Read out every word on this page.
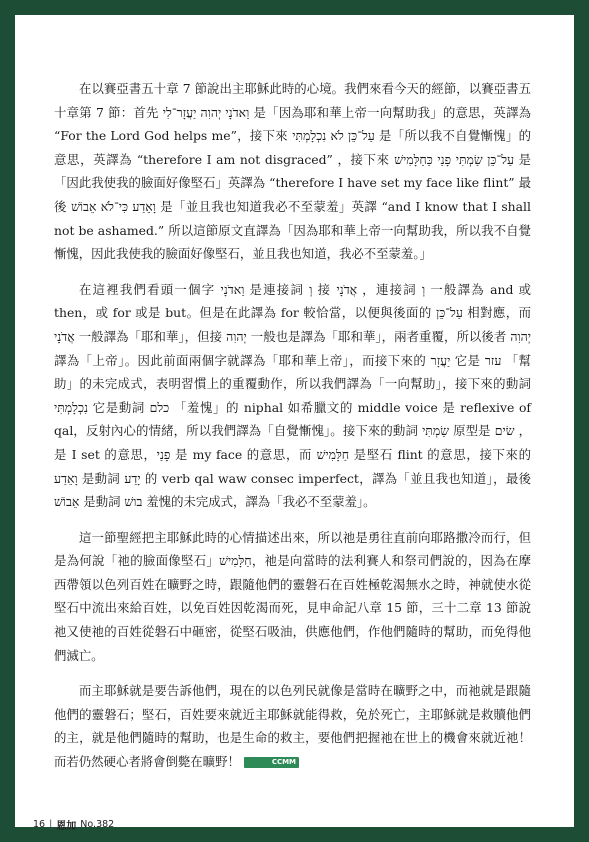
在以賽亞書五十章 7 節說出主耶穌此時的心境。我們來看今天的經節，以賽亞書五十章第 7 節：首先 וַאדֹנָי יְהוִה יַעֲזָר־לִי 是「因為耶和華上帝一向幫助我」的意思，英譯為 “For the Lord God helps me”，接下來 עַל־כֵּן לֹא נִכְלָמְתִּי 是「所以我不自覺慚愧」的意思，英譯為 “therefore I am not disgraced” ，接下來 עַל־כֵּן שַׂמְתִּי פָנַי כַּחַלָּמִישׁ 是「因此我使我的臉面好像堅石」英譯為 “therefore I have set my face like flint” 最後 וָאֵדַע כִּי־לֹא אֵבוֹשׁ 是「並且我也知道我必不至蒙羞」英譯 “and I know that I shall not be ashamed.” 所以這節原文直譯為「因為耶和華上帝一向幫助我，所以我不自覺慚愧，因此我使我的臉面好像堅石，並且我也知道，我必不至蒙羞。」

在這裡我們看頭一個字 וַאדֹנָי 是連接詞 וְ 接 אֲדֹנָי ，連接詞 וְ 一般譯為 and 或 then，或 for 或是 but。但是在此譯為 for 較恰當，以便與後面的 עַל־כֵּן 相對應，而 אֲדֹנָי 一般譯為「耶和華」，但接 יְהוִה 一般也是譯為「耶和華」，兩者重覆，所以後者 יְהוִה 譯為「上帝」。因此前面兩個字就譯為「耶和華上帝」，而接下來的 יַעֲזָר 它是 עזר 「幫助」的未完成式，表明習慣上的重覆動作，所以我們譯為「一向幫助」，接下來的動詞 נִכְלָמְתִּי 它是動詞 כלם 「羞愧」的 niphal 如希臘文的 middle voice 是 reflexive of qal，反射內心的情緒，所以我們譯為「自覺慚愧」。接下來的動詞 שַׂמְתִּי 原型是 שׂים ，是 I set 的意思，פָנַי 是 my face 的意思，而 חַלָּמִישׁ 是堅石 flint 的意思，接下來的 וָאֵדַע 是動詞 יָדַע 的 verb qal waw consec imperfect，譯為「並且我也知道」，最後 אֵבוֹשׁ 是動詞 בושׁ 羞愧的未完成式，譯為「我必不至蒙羞」。

這一節聖經把主耶穌此時的心情描述出來，所以祂是勇往直前向耶路撒冷而行，但是為何說「祂的臉面像堅石」חַלָּמִישׁ，祂是向當時的法利賽人和祭司們說的，因為在摩西帶領以色列百姓在曠野之時，跟隨他們的靈磐石在百姓極乾渴無水之時，神就使水從堅石中流出來給百姓，以免百姓因乾渴而死，見申命記八章 15 節，三十二章 13 節說祂又使祂的百姓從磐石中砸密，從堅石吸油，供應他們，作他們隨時的幫助，而免得他們滅亡。

而主耶穌就是要告訴他們，現在的以色列民就像是當時在曠野之中，而祂就是跟隨他們的靈磐石；堅石，百姓要來就近主耶穌就能得救，免於死亡，主耶穌就是救贖他們的主，就是他們隨時的幫助，也是生命的救主，要他們把握祂在世上的機會來就近祂！而若仍然硬心者將會倒斃在曠野！	CCMM

16 | 恩加 No.382
